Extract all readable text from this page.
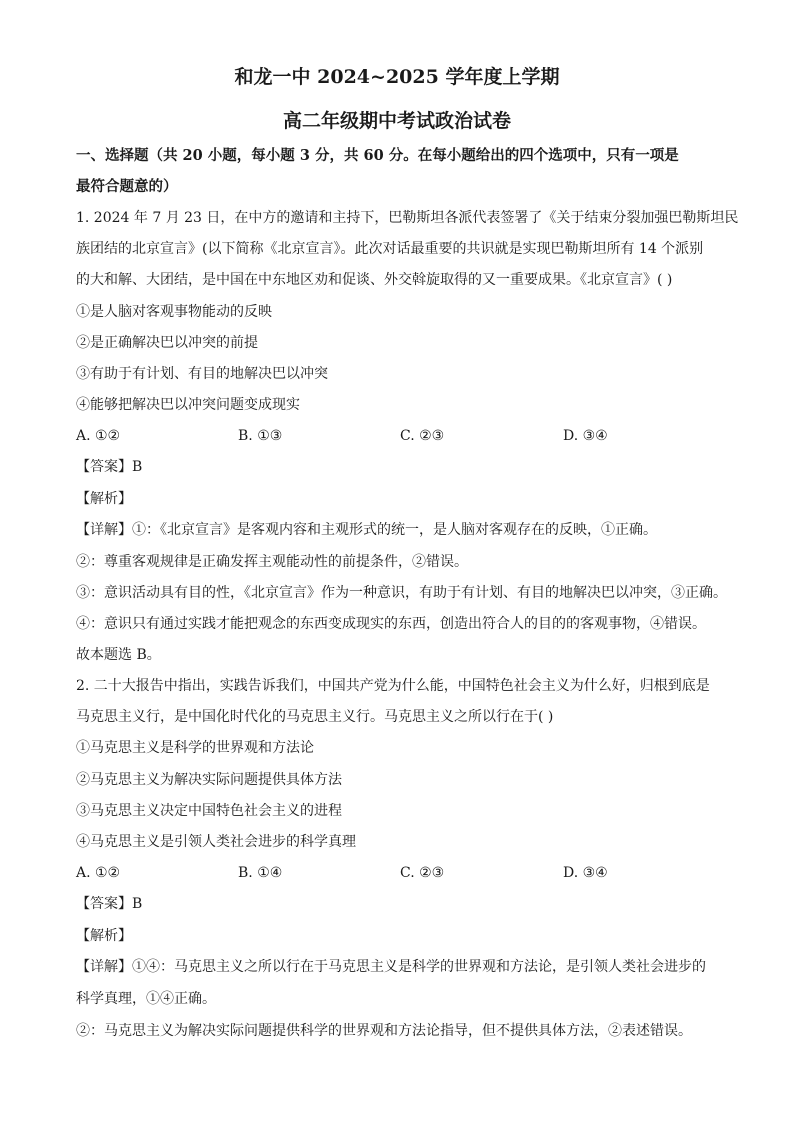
和龙一中 2024~2025 学年度上学期
高二年级期中考试政治试卷
一、选择题（共 20 小题，每小题 3 分，共 60 分。在每小题给出的四个选项中，只有一项是
最符合题意的）
1. 2024 年 7 月 23 日，在中方的邀请和主持下，巴勒斯坦各派代表签署了《关于结束分裂加强巴勒斯坦民
族团结的北京宣言》(以下简称《北京宣言》。此次对话最重要的共识就是实现巴勒斯坦所有 14 个派别
的大和解、大团结，是中国在中东地区劝和促谈、外交斡旋取得的又一重要成果。《北京宣言》( )
①是人脑对客观事物能动的反映
②是正确解决巴以冲突的前提
③有助于有计划、有目的地解决巴以冲突
④能够把解决巴以冲突问题变成现实
A. ①②	B. ①③	C. ②③	D. ③④
【答案】B
【解析】
【详解】①：《北京宣言》是客观内容和主观形式的统一，是人脑对客观存在的反映，①正确。
②：尊重客观规律是正确发挥主观能动性的前提条件，②错误。
③：意识活动具有目的性，《北京宣言》作为一种意识，有助于有计划、有目的地解决巴以冲突，③正确。
④：意识只有通过实践才能把观念的东西变成现实的东西，创造出符合人的目的的客观事物，④错误。
故本题选 B。
2. 二十大报告中指出，实践告诉我们，中国共产党为什么能，中国特色社会主义为什么好，归根到底是
马克思主义行，是中国化时代化的马克思主义行。马克思主义之所以行在于( )
①马克思主义是科学的世界观和方法论
②马克思主义为解决实际问题提供具体方法
③马克思主义决定中国特色社会主义的进程
④马克思主义是引领人类社会进步的科学真理
A. ①②	B. ①④	C. ②③	D. ③④
【答案】B
【解析】
【详解】①④：马克思主义之所以行在于马克思主义是科学的世界观和方法论，是引领人类社会进步的
科学真理，①④正确。
②：马克思主义为解决实际问题提供科学的世界观和方法论指导，但不提供具体方法，②表述错误。
